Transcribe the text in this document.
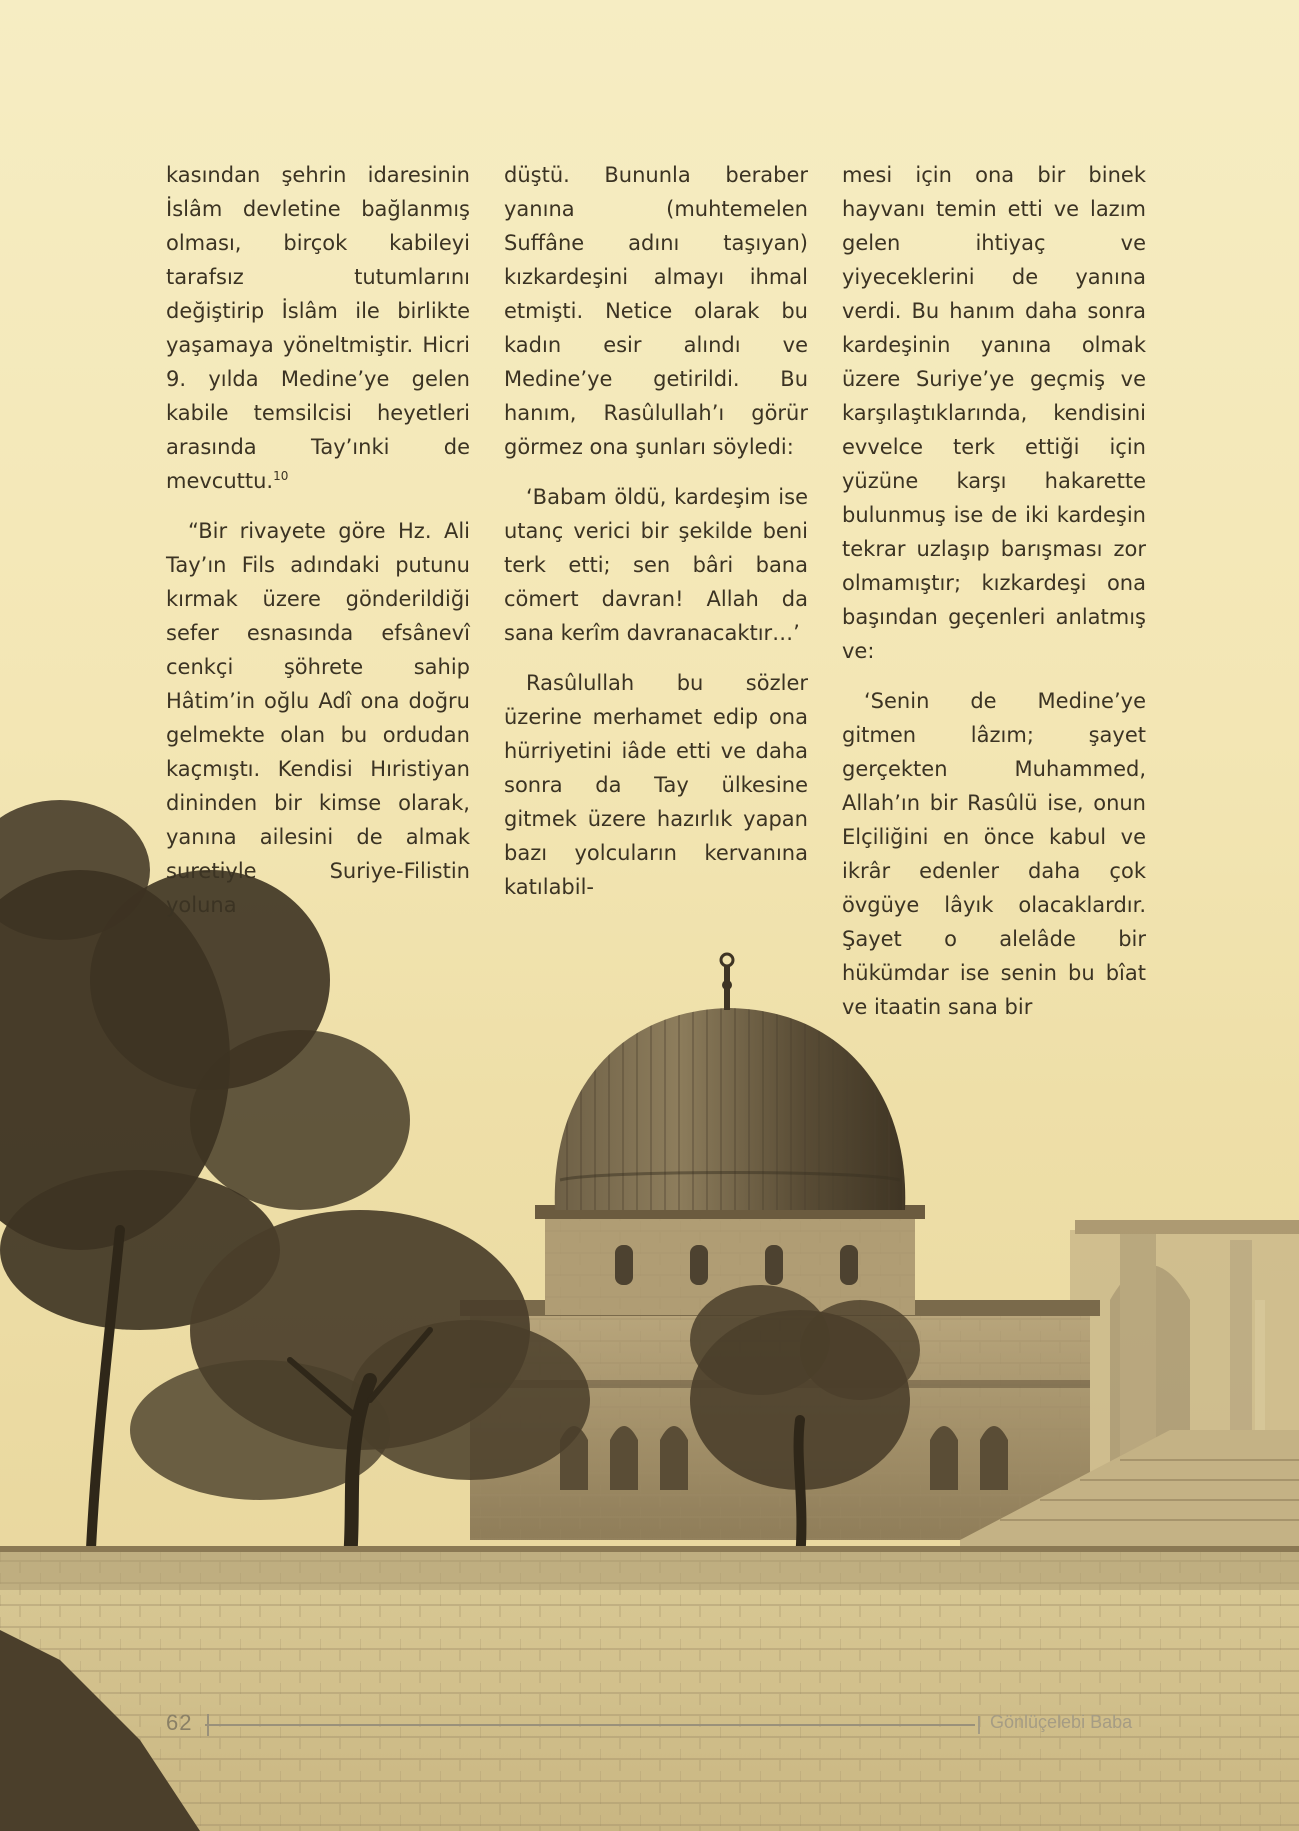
kasından şehrin idaresinin İslâm devletine bağlanmış olması, birçok kabileyi tarafsız tutumlarını değiştirip İslâm ile birlikte yaşamaya yöneltmiştir. Hicri 9. yılda Medine’ye gelen kabile temsilcisi heyetleri arasında Tay’ınki de mevcuttu.$^{10}$

“Bir rivayete göre Hz. Ali Tay’ın Fils adındaki putunu kırmak üzere gönderildiği sefer esnasında efsânevî cenkçi şöhrete sahip Hâtim’in oğlu Adî ona doğru gelmekte olan bu ordudan kaçmıştı. Kendisi Hıristiyan dininden bir kimse olarak, yanına ailesini de almak suretiyle Suriye-Filistin yoluna

düştü. Bununla beraber yanına (muhtemelen Suffâne adını taşıyan) kızkardeşini almayı ihmal etmişti. Netice olarak bu kadın esir alındı ve Medine’ye getirildi. Bu hanım, Rasûlullah’ı görür görmez ona şunları söyledi:

‘Babam öldü, kardeşim ise utanç verici bir şekilde beni terk etti; sen bâri bana cömert davran! Allah da sana kerîm davranacaktır…’

Rasûlullah bu sözler üzerine merhamet edip ona hürriyetini iâde etti ve daha sonra da Tay ülkesine gitmek üzere hazırlık yapan bazı yolcuların kervanına katılabil-

mesi için ona bir binek hayvanı temin etti ve lazım gelen ihtiyaç ve yiyeceklerini de yanına verdi. Bu hanım daha sonra kardeşinin yanına olmak üzere Suriye’ye geçmiş ve karşılaştıklarında, kendisini evvelce terk ettiği için yüzüne karşı hakarette bulunmuş ise de iki kardeşin tekrar uzlaşıp barışması zor olmamıştır; kızkardeşi ona başından geçenleri anlatmış ve:

‘Senin de Medine’ye gitmen lâzım; şayet gerçekten Muhammed, Allah’ın bir Rasûlü ise, onun Elçiliğini en önce kabul ve ikrâr edenler daha çok övgüye lâyık olacaklardır. Şayet o alelâde bir hükümdar ise senin bu bîat ve itaatin sana bir

62	Gönlüçelebi Baba
